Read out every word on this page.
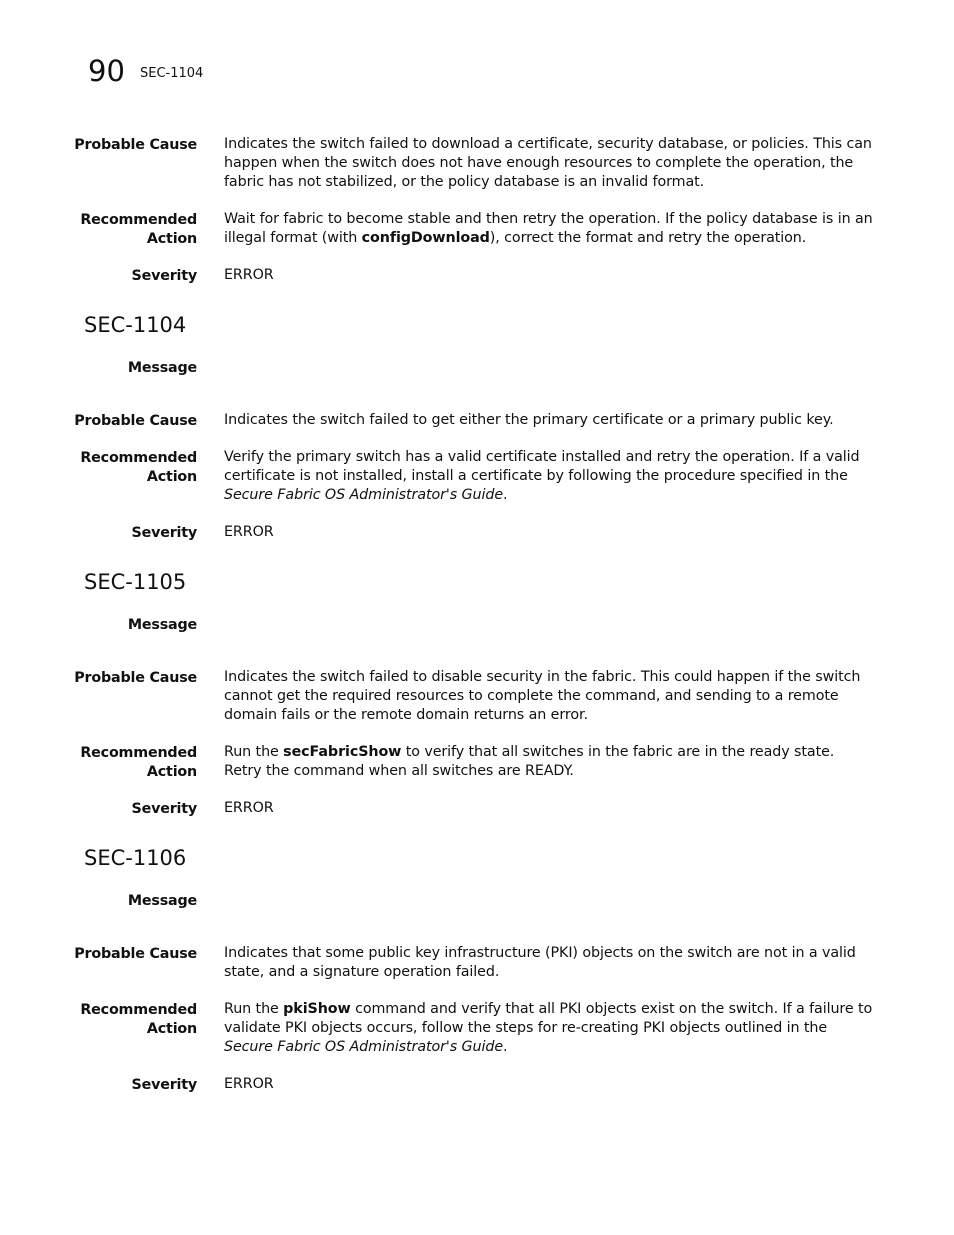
90 SEC-1104
Probable Cause Indicates the switch failed to download a certificate, security database, or policies. This can happen when the switch does not have enough resources to complete the operation, the fabric has not stabilized, or the policy database is an invalid format.
Recommended
Action
Wait for fabric to become stable and then retry the operation. If the policy database is in an illegal format (with configDownload), correct the format and retry the operation.
Severity ERROR
SEC-1104
Message
Probable Cause Indicates the switch failed to get either the primary certificate or a primary public key.
Recommended
Action
Verify the primary switch has a valid certificate installed and retry the operation. If a valid certificate is not installed, install a certificate by following the procedure specified in the Secure Fabric OS Administrator's Guide.
Severity ERROR
SEC-1105
Message
Probable Cause Indicates the switch failed to disable security in the fabric. This could happen if the switch cannot get the required resources to complete the command, and sending to a remote domain fails or the remote domain returns an error.
Recommended
Action
Run the secFabricShow to verify that all switches in the fabric are in the ready state. Retry the command when all switches are READY.
Severity ERROR
SEC-1106
Message
Probable Cause Indicates that some public key infrastructure (PKI) objects on the switch are not in a valid state, and a signature operation failed.
Recommended
Action
Run the pkiShow command and verify that all PKI objects exist on the switch. If a failure to validate PKI objects occurs, follow the steps for re-creating PKI objects outlined in the Secure Fabric OS Administrator's Guide.
Severity ERROR
